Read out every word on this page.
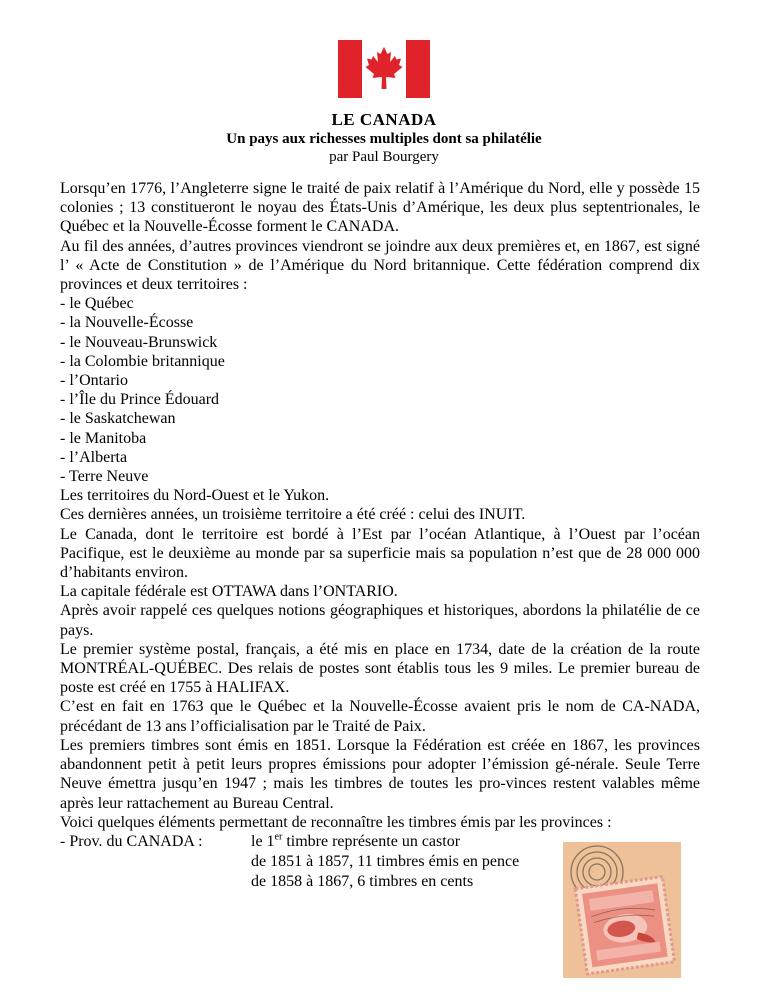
LE CANADA
Un pays aux richesses multiples dont sa philatélie
par Paul Bourgery

Lorsqu’en 1776, l’Angleterre signe le traité de paix relatif à l’Amérique du Nord, elle y possède 15 colonies ; 13 constitueront le noyau des États-Unis d’Amérique, les deux plus septentrionales, le Québec et la Nouvelle-Écosse forment le CANADA.

Au fil des années, d’autres provinces viendront se joindre aux deux premières et, en 1867, est signé l’ « Acte de Constitution » de l’Amérique du Nord britannique. Cette fédération comprend dix provinces et deux territoires :

- le Québec

- la Nouvelle-Écosse

- le Nouveau-Brunswick

- la Colombie britannique

- l’Ontario

- l’Île du Prince Édouard

- le Saskatchewan

- le Manitoba

- l’Alberta

- Terre Neuve

Les territoires du Nord-Ouest et le Yukon.

Ces dernières années, un troisième territoire a été créé : celui des INUIT.

Le Canada, dont le territoire est bordé à l’Est par l’océan Atlantique, à l’Ouest par l’océan Pacifique, est le deuxième au monde par sa superficie mais sa population n’est que de 28 000 000 d’habitants environ.

La capitale fédérale est OTTAWA dans l’ONTARIO.

Après avoir rappelé ces quelques notions géographiques et historiques, abordons la philatélie de ce pays.

Le premier système postal, français, a été mis en place en 1734, date de la création de la route MONTRÉAL-QUÉBEC. Des relais de postes sont établis tous les 9 miles. Le premier bureau de poste est créé en 1755 à HALIFAX.

C’est en fait en 1763 que le Québec et la Nouvelle-Écosse avaient pris le nom de CA-NADA, précédant de 13 ans l’officialisation par le Traité de Paix.

Les premiers timbres sont émis en 1851. Lorsque la Fédération est créée en 1867, les provinces abandonnent petit à petit leurs propres émissions pour adopter l’émission gé-nérale. Seule Terre Neuve émettra jusqu’en 1947 ; mais les timbres de toutes les pro-vinces restent valables même après leur rattachement au Bureau Central.

Voici quelques éléments permettant de reconnaître les timbres émis par les provinces :

- Prov. du CANADA :	le 1er timbre représente un castor

de 1851 à 1857, 11 timbres émis en pence

de 1858 à 1867, 6 timbres en cents
